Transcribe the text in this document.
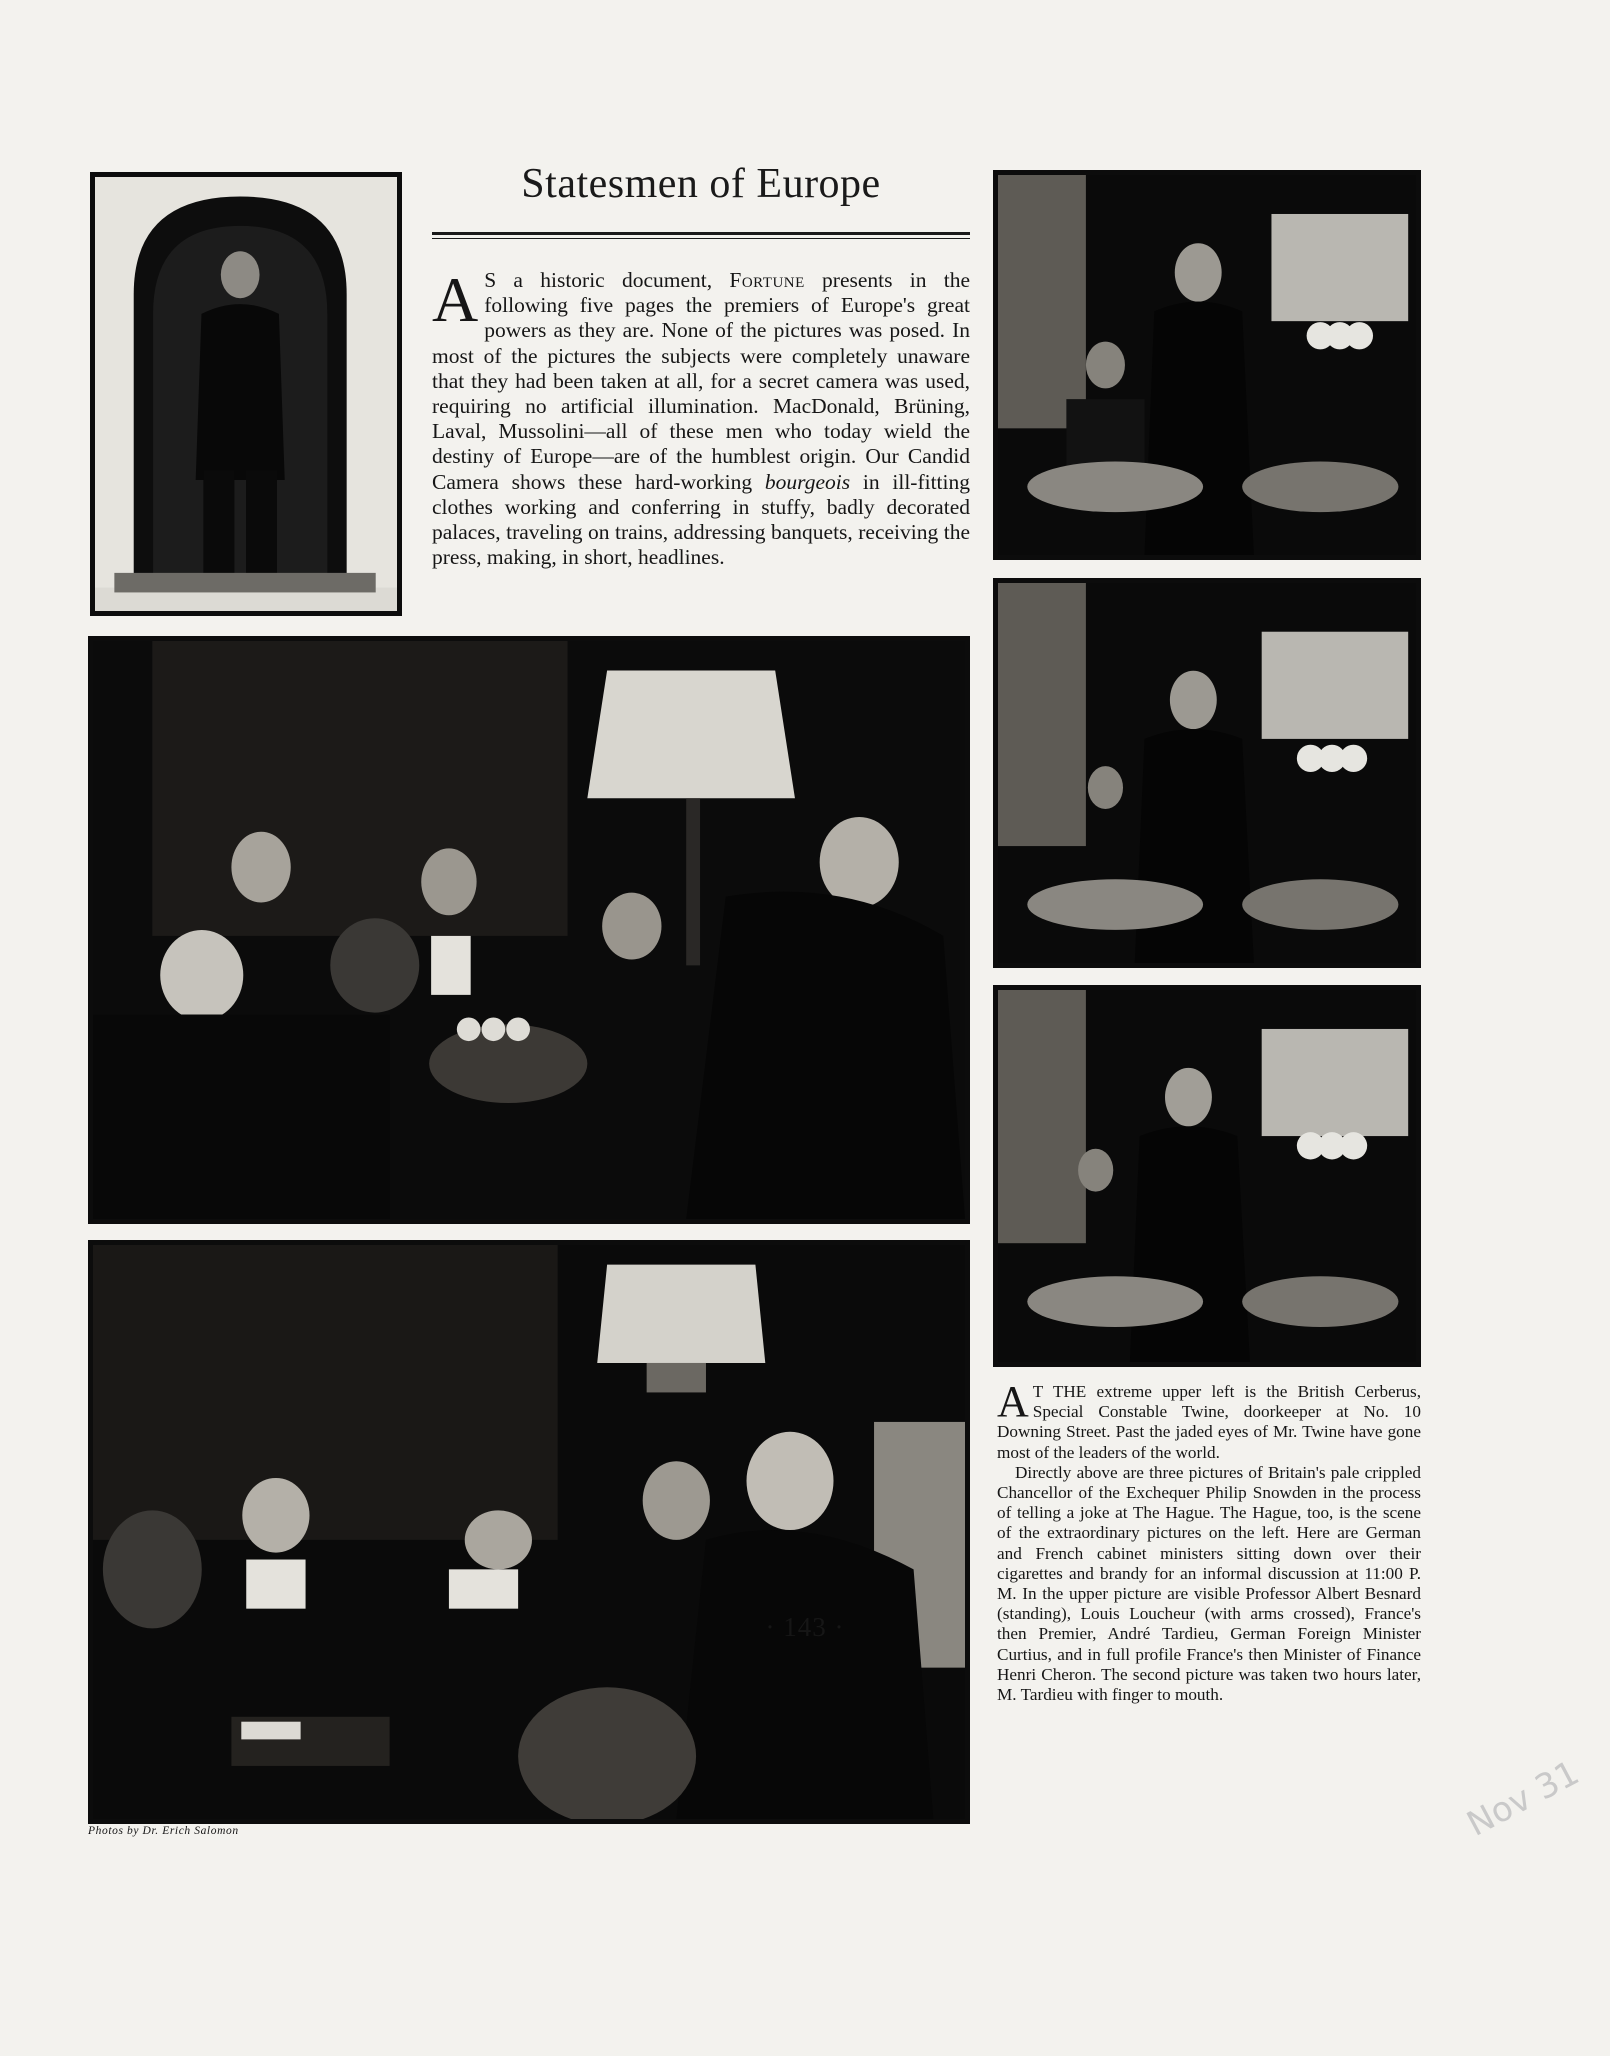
Statesmen of Europe
A S a historic document, Fortune presents in the following five pages the premiers of Europe's great powers as they are. None of the pictures was posed. In most of the pictures the subjects were completely unaware that they had been taken at all, for a secret camera was used, requiring no artificial illumination. MacDonald, Brüning, Laval, Mussolini—all of these men who today wield the destiny of Europe—are of the humblest origin. Our Candid Camera shows these hard-working bourgeois in ill-fitting clothes working and conferring in stuffy, badly decorated palaces, traveling on trains, addressing banquets, receiving the press, making, in short, headlines.
Photos by Dr. Erich Salomon

A T THE extreme upper left is the British Cerberus, Special Constable Twine, doorkeeper at No. 10 Downing Street. Past the jaded eyes of Mr. Twine have gone most of the leaders of the world.

Directly above are three pictures of Britain's pale crippled Chancellor of the Exchequer Philip Snowden in the process of telling a joke at The Hague. The Hague, too, is the scene of the extraordinary pictures on the left. Here are German and French cabinet ministers sitting down over their cigarettes and brandy for an informal discussion at 11:00 P. M. In the upper picture are visible Professor Albert Besnard (standing), Louis Loucheur (with arms crossed), France's then Premier, André Tardieu, German Foreign Minister Curtius, and in full profile France's then Minister of Finance Henri Cheron. The second picture was taken two hours later, M. Tardieu with finger to mouth.

· 143 ·
Nov 31
